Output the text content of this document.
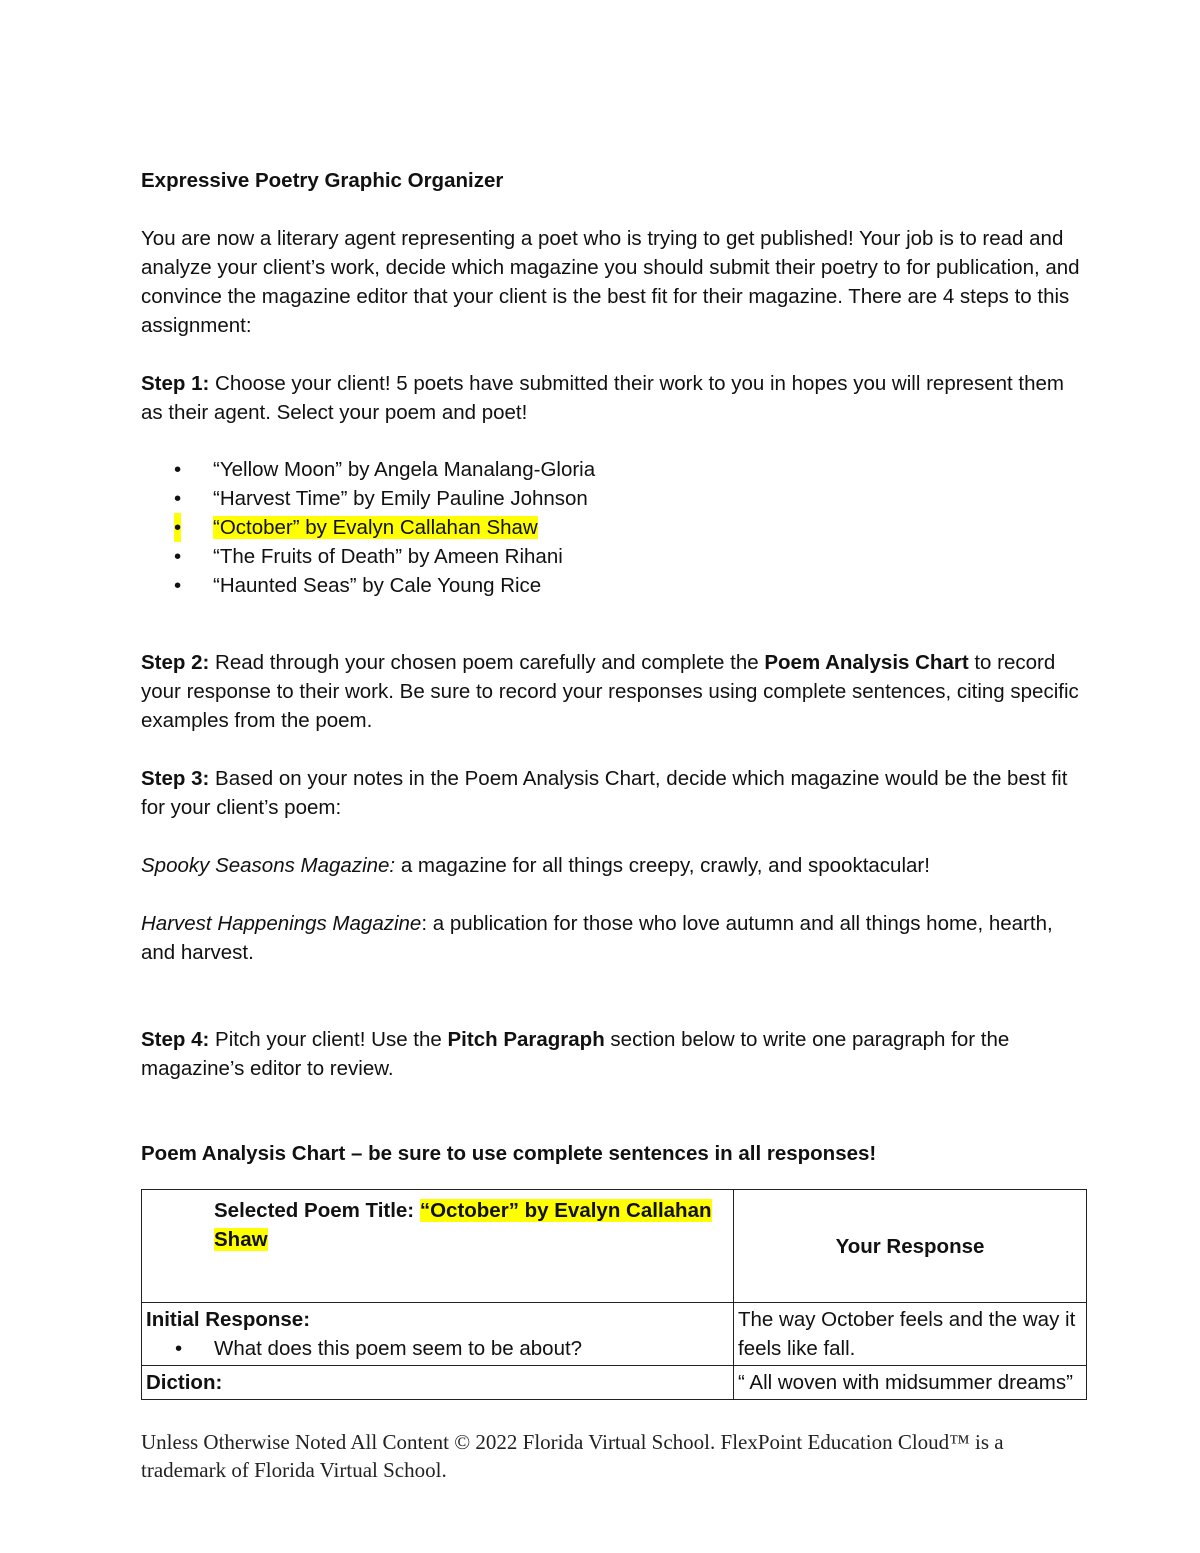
Expressive Poetry Graphic Organizer

You are now a literary agent representing a poet who is trying to get published! Your job is to read and analyze your client’s work, decide which magazine you should submit their poetry to for publication, and convince the magazine editor that your client is the best fit for their magazine. There are 4 steps to this assignment:

Step 1: Choose your client! 5 poets have submitted their work to you in hopes you will represent them as their agent. Select your poem and poet!

• “Yellow Moon” by Angela Manalang-Gloria
• “Harvest Time” by Emily Pauline Johnson
• “October” by Evalyn Callahan Shaw
• “The Fruits of Death” by Ameen Rihani
• “Haunted Seas” by Cale Young Rice

Step 2: Read through your chosen poem carefully and complete the Poem Analysis Chart to record your response to their work. Be sure to record your responses using complete sentences, citing specific examples from the poem.

Step 3: Based on your notes in the Poem Analysis Chart, decide which magazine would be the best fit for your client’s poem:

Spooky Seasons Magazine: a magazine for all things creepy, crawly, and spooktacular!

Harvest Happenings Magazine: a publication for those who love autumn and all things home, hearth, and harvest.

Step 4: Pitch your client! Use the Pitch Paragraph section below to write one paragraph for the magazine’s editor to review.

Poem Analysis Chart – be sure to use complete sentences in all responses!

Selected Poem Title: “October” by Evalyn Callahan Shaw	Your Response

Initial Response:
• What does this poem seem to be about?	The way October feels and the way it feels like fall.

Diction:	“ All woven with midsummer dreams”
Unless Otherwise Noted All Content © 2022 Florida Virtual School. FlexPoint Education Cloud™ is a trademark of Florida Virtual School.
